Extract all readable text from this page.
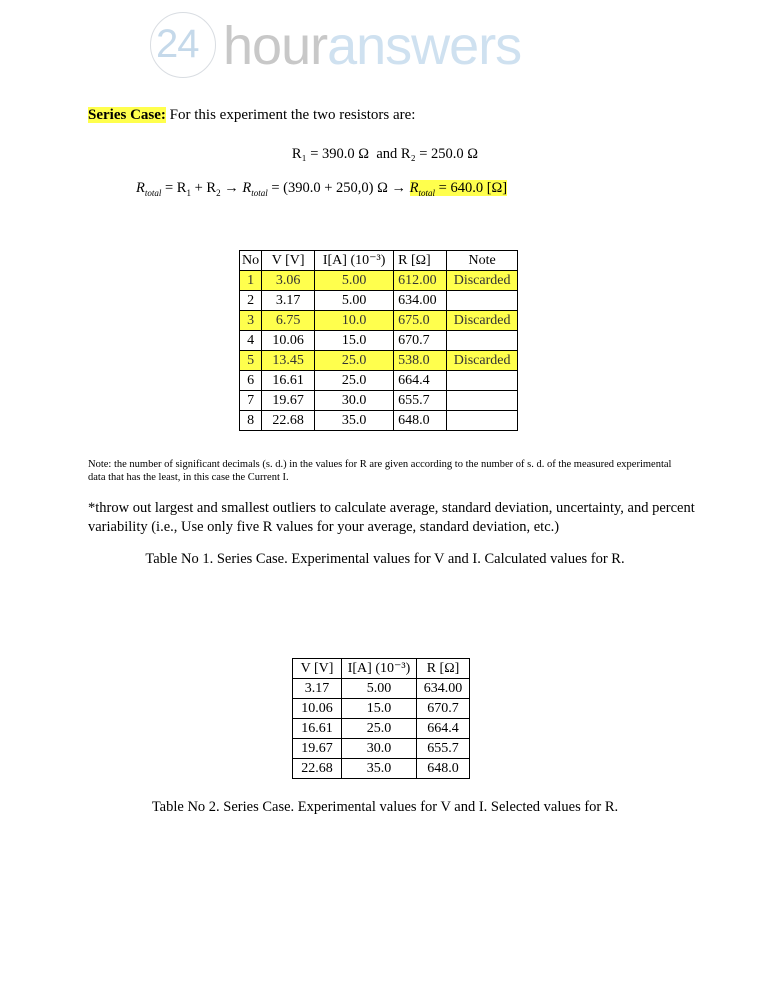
24 houranswers
Series Case: For this experiment the two resistors are:
R₁ = 390.0 Ω  and R₂ = 250.0 Ω
$R_{total} = R_1 + R_2 \to R_{total} = (390.0 + 250,0) \Omega \to R_{total} = 640.0$ [Ω]
No	V [V]	I[A] (10⁻³)	R [Ω]	Note
1	3.06	5.00	612.00	Discarded
2	3.17	5.00	634.00	
3	6.75	10.0	675.0	Discarded
4	10.06	15.0	670.7	
5	13.45	25.0	538.0	Discarded
6	16.61	25.0	664.4	
7	19.67	30.0	655.7	
8	22.68	35.0	648.0	
Note: the number of significant decimals (s. d.) in the values for R are given according to the number of s. d. of the measured experimental data that has the least, in this case the Current I.
*throw out largest and smallest outliers to calculate average, standard deviation, uncertainty, and percent variability (i.e., Use only five R values for your average, standard deviation, etc.)
Table No 1. Series Case. Experimental values for V and I. Calculated values for R.
V [V]	I[A] (10⁻³)	R [Ω]
3.17	5.00	634.00
10.06	15.0	670.7
16.61	25.0	664.4
19.67	30.0	655.7
22.68	35.0	648.0
Table No 2. Series Case. Experimental values for V and I. Selected values for R.
